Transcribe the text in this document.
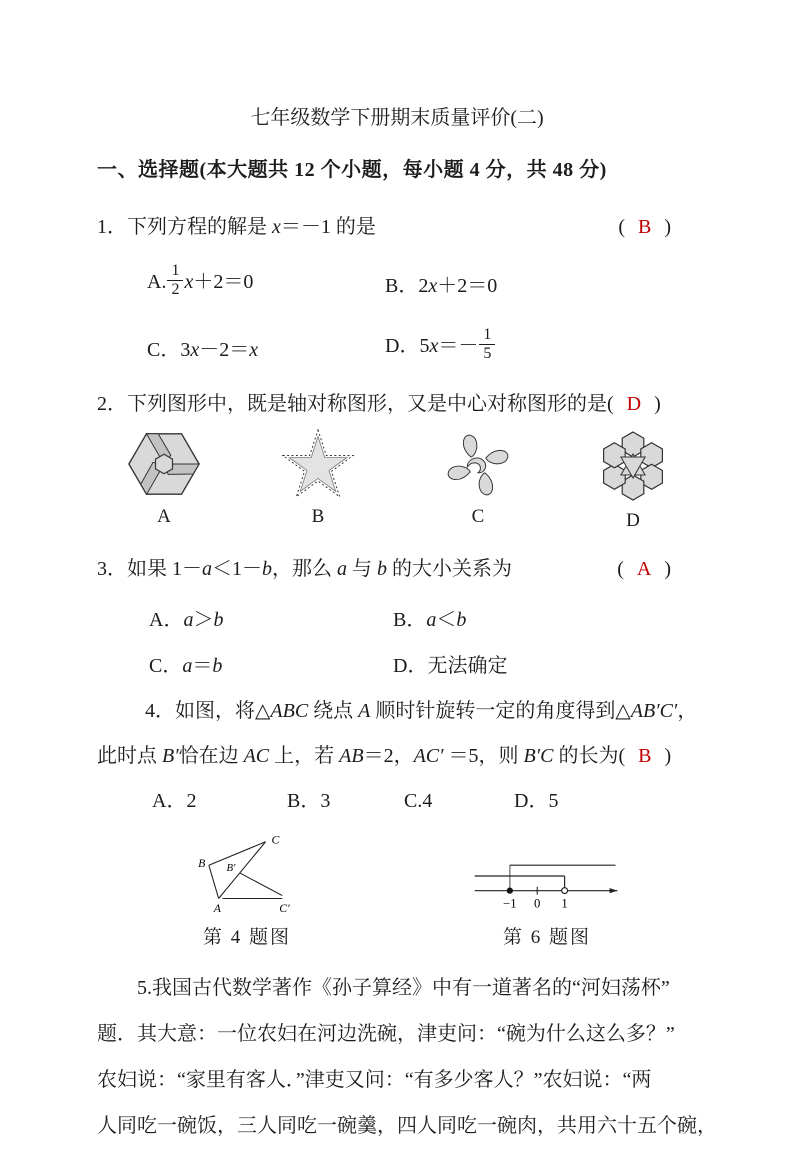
七年级数学下册期末质量评价(二)
一、选择题(本大题共 12 个小题，每小题 4 分，共 48 分)
1．下列方程的解是 x＝－1 的是	( B )
A. $\frac{1}{2} x+2=0$	B．2x＋2＝0
C．3x－2＝x	D．$5x=- \frac{1}{5}$
2．下列图形中，既是轴对称图形，又是中心对称图形的是( D )
A	B	C	D
3．如果 1－a＜1－b，那么 a 与 b 的大小关系为	( A )
A．a＞b	B．a＜b
C．a＝b	D．无法确定
4．如图，将△ABC 绕点 A 顺时针旋转一定的角度得到△AB′C′，
此时点 B′恰在边 AC 上，若 AB＝2，AC′ ＝5，则 B′C 的长为( B )
A．2	B．3	C.4	D．5
A
B
C
B′
C′
第 4 题图
−1 0 1
第 6 题图
5.我国古代数学著作《孙子算经》中有一道著名的“河妇荡杯”
题．其大意：一位农妇在河边洗碗，津吏问：“碗为什么这么多？”
农妇说：“家里有客人．”津吏又问：“有多少客人？”农妇说：“两
人同吃一碗饭，三人同吃一碗羹，四人同吃一碗肉，共用六十五个碗，
